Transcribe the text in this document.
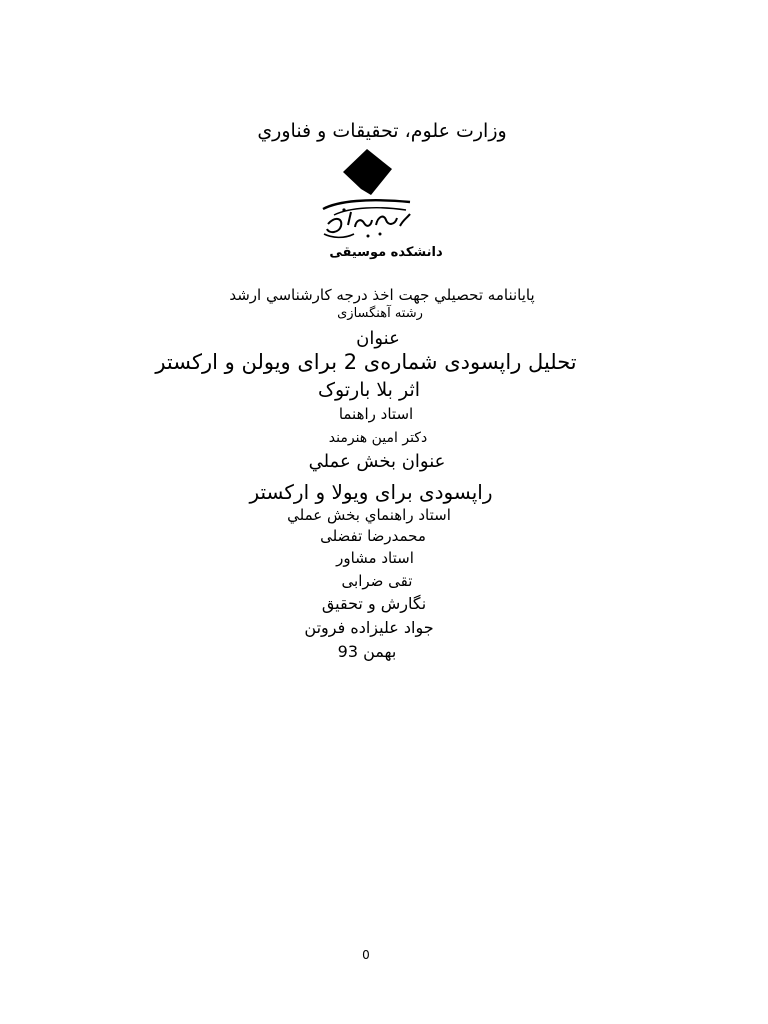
وزارت علوم، تحقيقات و فناوري
دانشکده موسیقی
پاياننامه تحصيلي جهت اخذ درجه كارشناسي ارشد
رشته آهنگسازی
عنوان
تحلیل راپسودی شماره‌ی 2 برای ویولن و ارکستر
اثر بلا بارتوک
استاد راهنما
دکتر امین هنرمند
عنوان بخش عملي
راپسودی برای ویولا و ارکستر
استاد راهنماي بخش عملي
محمدرضا تفضلی
استاد مشاور
تقی ضرابی
نگارش و تحقیق
جواد علیزاده فروتن
بهمن 93
0
